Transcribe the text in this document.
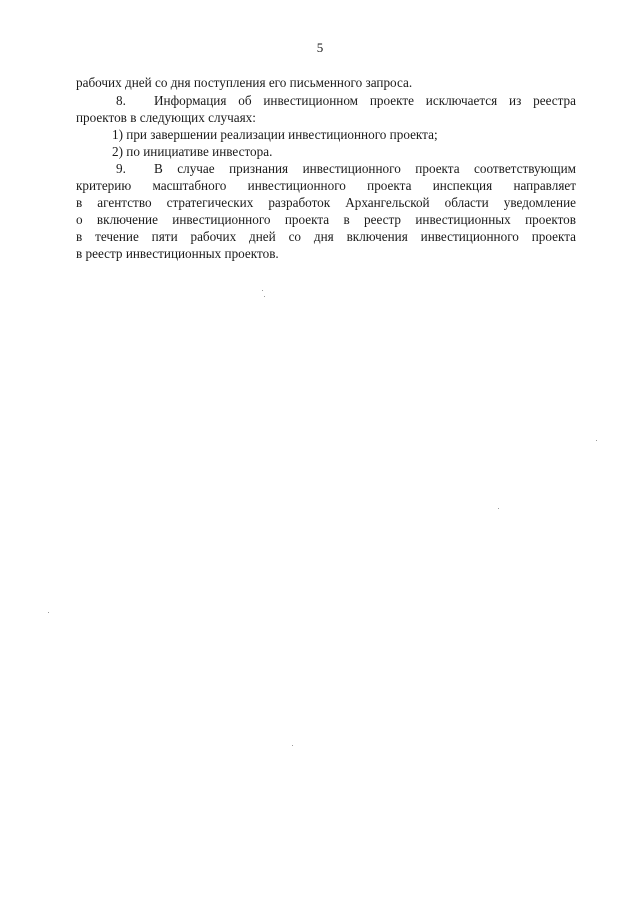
5
рабочих дней со дня поступления его письменного запроса.
8. Информация об инвестиционном проекте исключается из реестра
проектов в следующих случаях:
1) при завершении реализации инвестиционного проекта;
2) по инициативе инвестора.
9. В случае признания инвестиционного проекта соответствующим
критерию масштабного инвестиционного проекта инспекция направляет
в агентство стратегических разработок Архангельской области уведомление
о включение инвестиционного проекта в реестр инвестиционных проектов
в течение пяти рабочих дней со дня включения инвестиционного проекта
в реестр инвестиционных проектов.
